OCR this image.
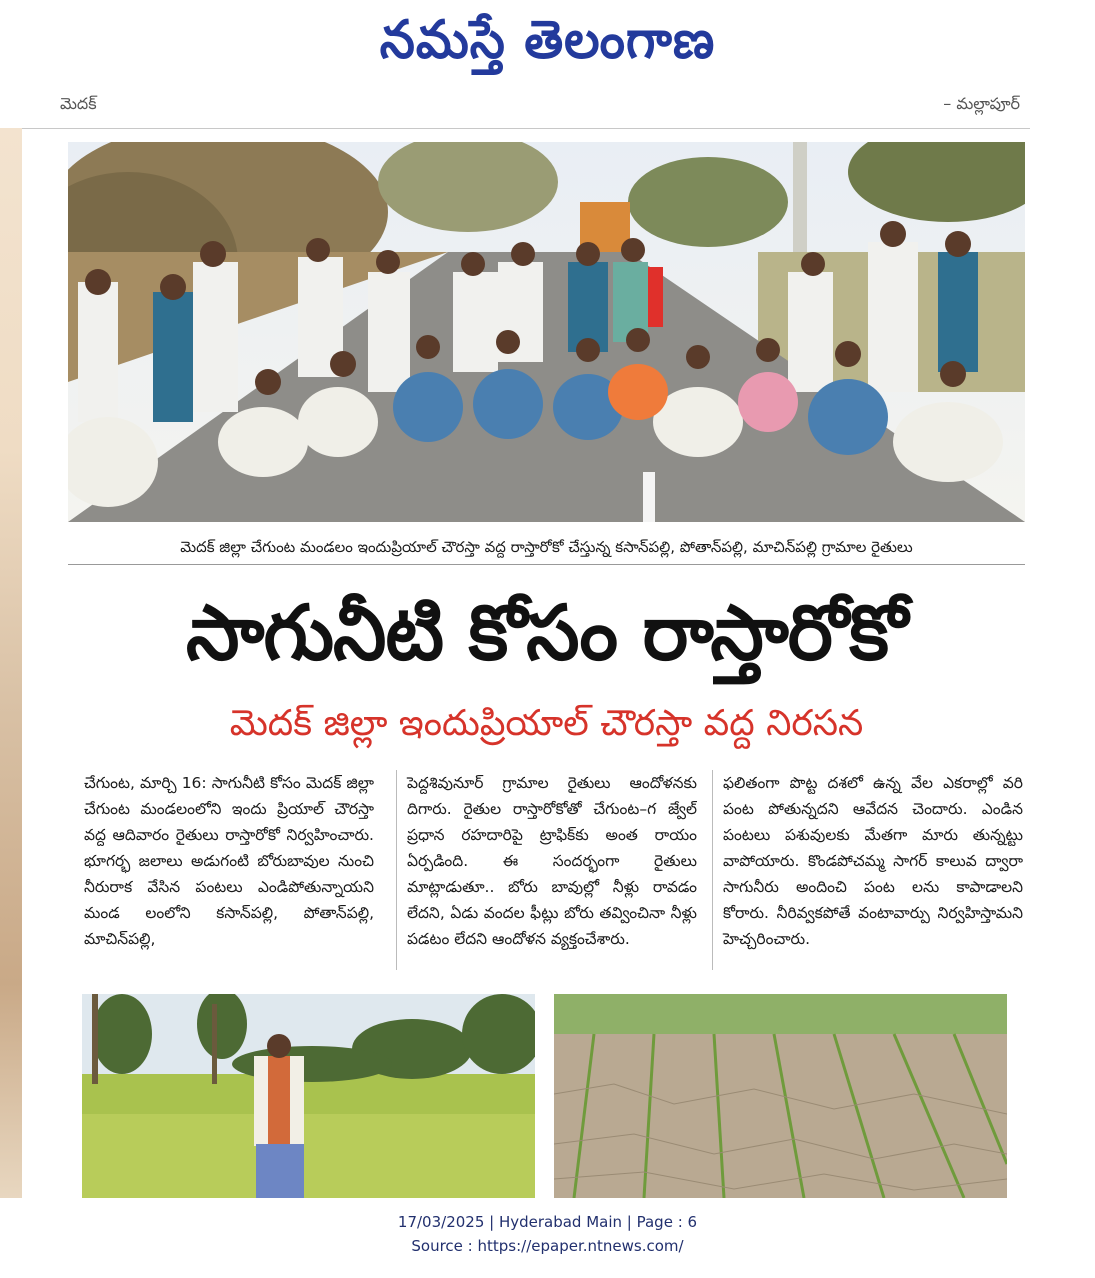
నమస్తే తెలంగాణ
మెదక్	– మల్లాపూర్
మెదక్ జిల్లా చేగుంట మండలం ఇందుప్రియాల్ చౌరస్తా వద్ద రాస్తారోకో చేస్తున్న కసాన్‌పల్లి, పోతాన్‌పల్లి, మాచిన్‌పల్లి గ్రామాల రైతులు
సాగునీటి కోసం రాస్తారోకో
మెదక్ జిల్లా ఇందుప్రియాల్ చౌరస్తా వద్ద నిరసన
చేగుంట, మార్చి 16: సాగునీటి కోసం మెదక్ జిల్లా చేగుంట మండలంలోని ఇందు ప్రియాల్ చౌరస్తా వద్ద ఆదివారం రైతులు రాస్తారోకో నిర్వహించారు. భూగర్భ జలాలు అడుగంటి బోరుబావుల నుంచి నీరురాక వేసిన పంటలు ఎండిపోతున్నాయని మండ లంలోని కసాన్‌పల్లి, పోతాన్‌పల్లి, మాచిన్‌పల్లి,
పెద్దశివునూర్ గ్రామాల రైతులు ఆందోళనకు దిగారు. రైతుల రాస్తారోకోతో చేగుంట–గ జ్వేల్ ప్రధాన రహదారిపై ట్రాఫిక్‌కు అంత రాయం ఏర్పడింది. ఈ సందర్భంగా రైతులు మాట్లాడుతూ.. బోరు బావుల్లో నీళ్లు రావడం లేదని, ఏడు వందల ఫీట్లు బోరు తవ్వించినా నీళ్లు పడటం లేదని ఆందోళన వ్యక్తంచేశారు.
ఫలితంగా పొట్ట దశలో ఉన్న వేల ఎకరాల్లో వరి పంట పోతున్నదని ఆవేదన చెందారు. ఎండిన పంటలు పశువులకు మేతగా మారు తున్నట్టు వాపోయారు. కొండపోచమ్మ సాగర్ కాలువ ద్వారా సాగునీరు అందించి పంట లను కాపాడాలని కోరారు. నీరివ్వకపోతే వంటావార్పు నిర్వహిస్తామని హెచ్చరించారు.
17/03/2025 | Hyderabad Main | Page : 6
Source : https://epaper.ntnews.com/
